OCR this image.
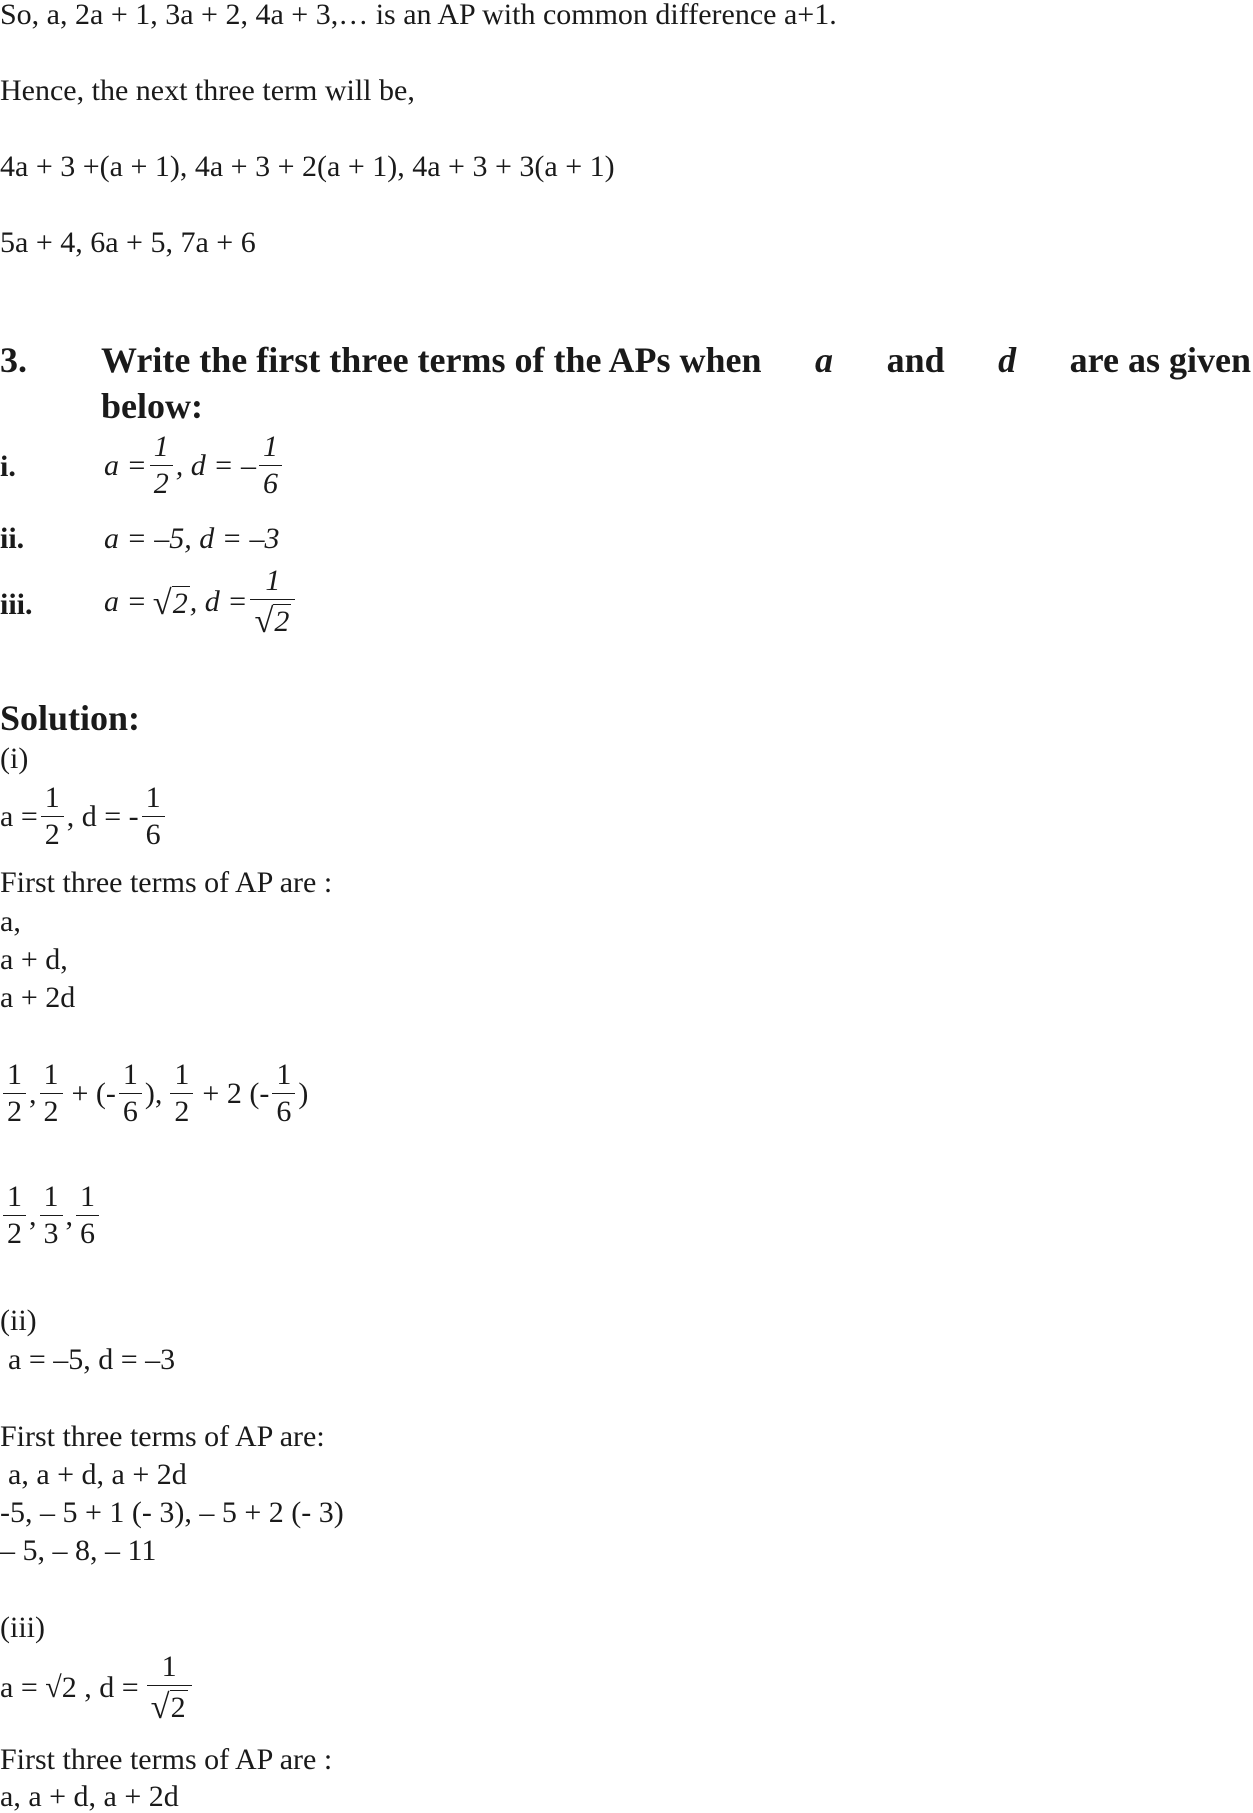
So, a, 2a + 1, 3a + 2, 4a + 3,… is an AP with common difference a+1.
Hence, the next three term will be,
4a + 3 +(a + 1), 4a + 3 + 2(a + 1), 4a + 3 + 3(a + 1)
5a + 4, 6a + 5, 7a + 6
3. Write the first three terms of the APs when a and d are as given
below:
i.	$a = \frac{1}{2}$ , d = – $\frac{1}{6}$
ii.	a = –5, d = –3
iii. a = √2 , $d = \frac{1}{√2}$
Solution:
(i)
$a = \frac{1}{2}$ , d = - $\frac{1}{6}$
First three terms of AP are :
a,
a + d,
a + 2d
$\frac{1}{2}$ , $\frac{1}{2}$ + (- $\frac{1}{6}$ ), $\frac{1}{2} + 2$ (- $\frac{1}{6}$ )
$\frac{1}{2}$ , $\frac{1}{3}$ , $\frac{1}{6}$
(ii)
a = –5, d = –3
First three terms of AP are:
a, a + d, a + 2d
-5, – 5 + 1 (- 3), – 5 + 2 (- 3)
– 5, – 8, – 11
(iii)
a = √2 , $d = \frac{1}{√2}$
First three terms of AP are :
a, a + d, a + 2d
